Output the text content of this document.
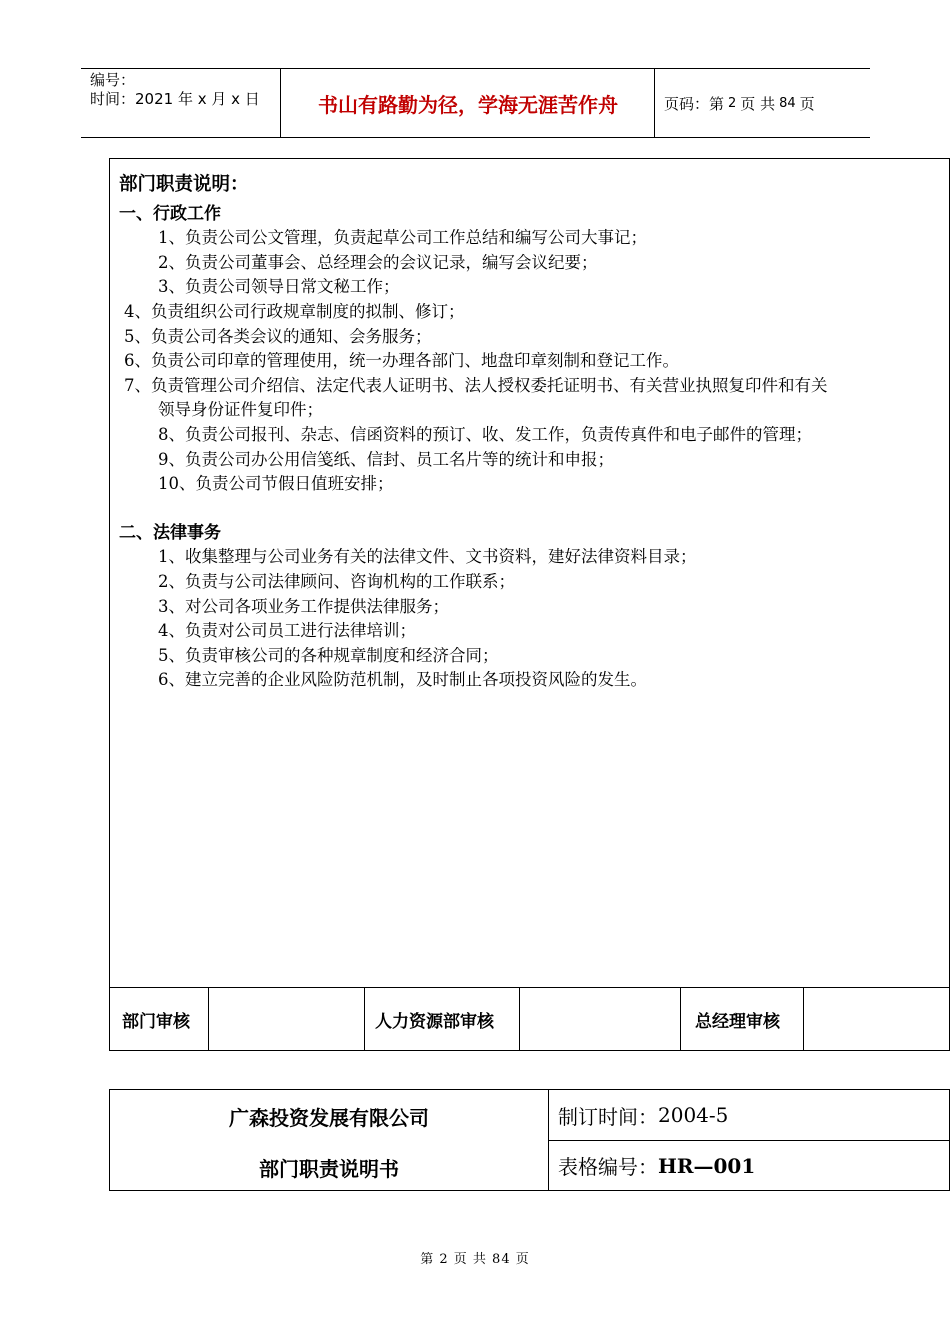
编号：
时间：2021 年 x 月 x 日	书山有路勤为径，学海无涯苦作舟	页码：第 2 页 共 84 页
部门职责说明：
一、行政工作
1、负责公司公文管理，负责起草公司工作总结和编写公司大事记；
2、负责公司董事会、总经理会的会议记录，编写会议纪要；
3、负责公司领导日常文秘工作；
4、负责组织公司行政规章制度的拟制、修订；
5、负责公司各类会议的通知、会务服务；
6、负责公司印章的管理使用，统一办理各部门、地盘印章刻制和登记工作。
7、负责管理公司介绍信、法定代表人证明书、法人授权委托证明书、有关营业执照复印件和有关
领导身份证件复印件；
8、负责公司报刊、杂志、信函资料的预订、收、发工作，负责传真件和电子邮件的管理；
9、负责公司办公用信笺纸、信封、员工名片等的统计和申报；
10、负责公司节假日值班安排；
二、法律事务
1、收集整理与公司业务有关的法律文件、文书资料，建好法律资料目录；
2、负责与公司法律顾问、咨询机构的工作联系；
3、对公司各项业务工作提供法律服务；
4、负责对公司员工进行法律培训；
5、负责审核公司的各种规章制度和经济合同；
6、建立完善的企业风险防范机制，及时制止各项投资风险的发生。
部门审核	人力资源部审核	总经理审核
广森投资发展有限公司
部门职责说明书
制订时间： 2004-5
表格编号： HR—001
第 2 页 共 84 页
